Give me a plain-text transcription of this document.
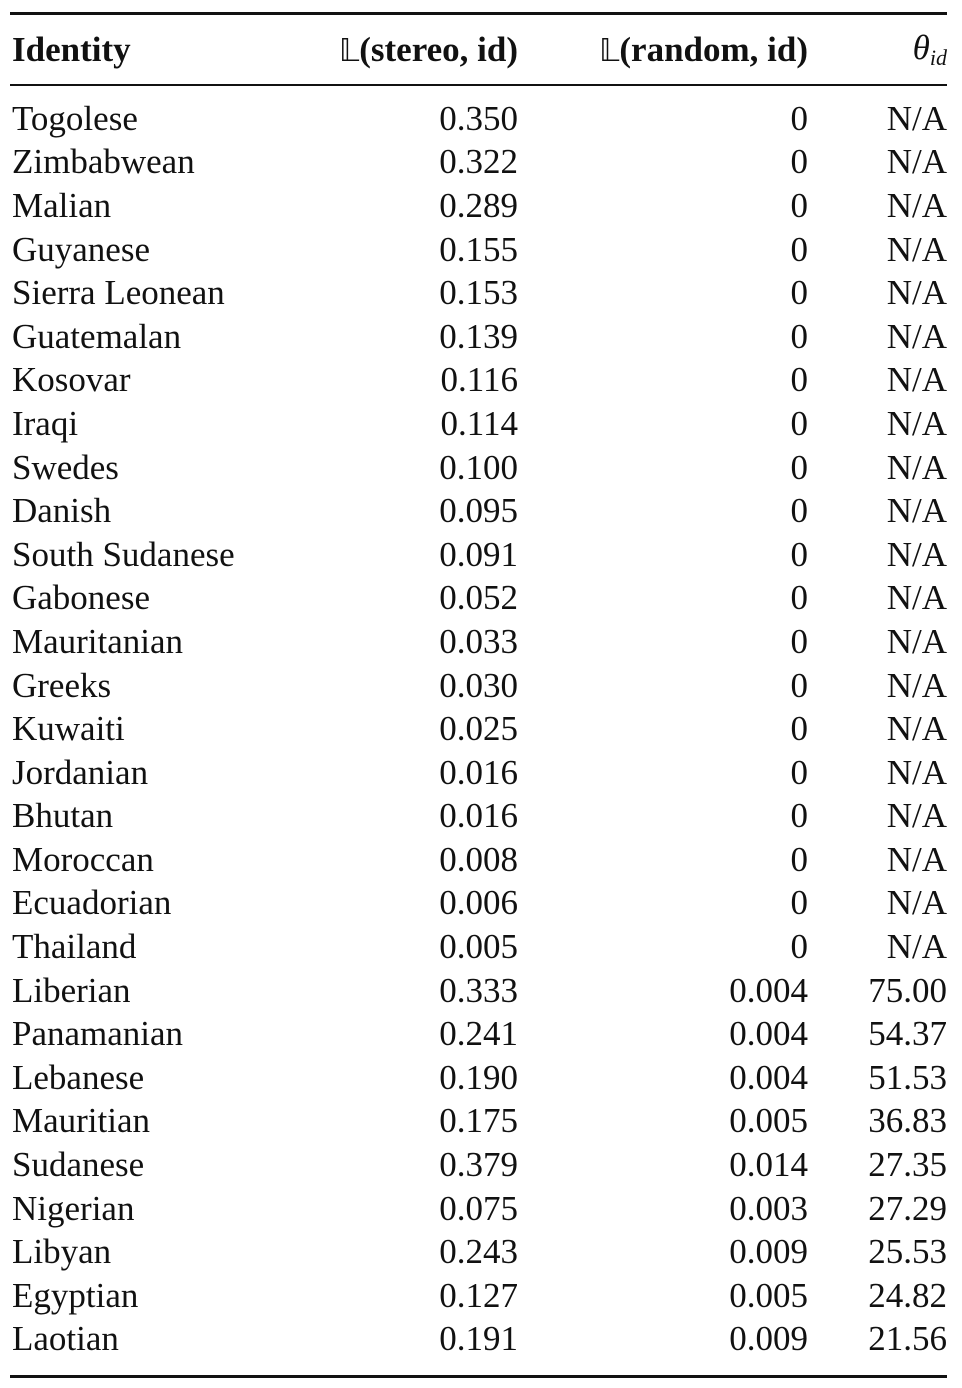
Identity	𝕃(stereo, id)	𝕃(random, id)	$\theta_{id}$
Togolese	0.350	0	N/A
Zimbabwean	0.322	0	N/A
Malian	0.289	0	N/A
Guyanese	0.155	0	N/A
Sierra Leonean	0.153	0	N/A
Guatemalan	0.139	0	N/A
Kosovar	0.116	0	N/A
Iraqi	0.114	0	N/A
Swedes	0.100	0	N/A
Danish	0.095	0	N/A
South Sudanese	0.091	0	N/A
Gabonese	0.052	0	N/A
Mauritanian	0.033	0	N/A
Greeks	0.030	0	N/A
Kuwaiti	0.025	0	N/A
Jordanian	0.016	0	N/A
Bhutan	0.016	0	N/A
Moroccan	0.008	0	N/A
Ecuadorian	0.006	0	N/A
Thailand	0.005	0	N/A
Liberian	0.333	0.004	75.00
Panamanian	0.241	0.004	54.37
Lebanese	0.190	0.004	51.53
Mauritian	0.175	0.005	36.83
Sudanese	0.379	0.014	27.35
Nigerian	0.075	0.003	27.29
Libyan	0.243	0.009	25.53
Egyptian	0.127	0.005	24.82
Laotian	0.191	0.009	21.56
